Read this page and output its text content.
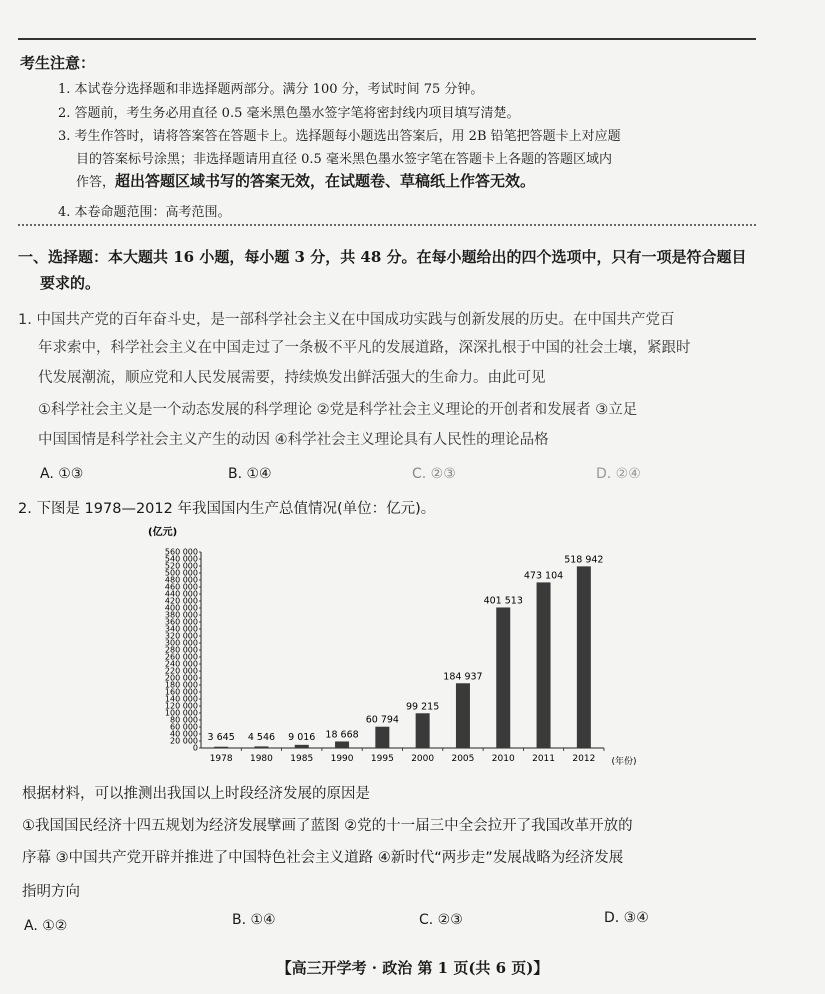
考生注意：
1. 本试卷分选择题和非选择题两部分。满分 100 分，考试时间 75 分钟。
2. 答题前，考生务必用直径 0.5 毫米黑色墨水签字笔将密封线内项目填写清楚。
3. 考生作答时，请将答案答在答题卡上。选择题每小题选出答案后，用 2B 铅笔把答题卡上对应题
目的答案标号涂黑；非选择题请用直径 0.5 毫米黑色墨水签字笔在答题卡上各题的答题区域内
作答，超出答题区域书写的答案无效，在试题卷、草稿纸上作答无效。
4. 本卷命题范围：高考范围。
一、选择题：本大题共 16 小题，每小题 3 分，共 48 分。在每小题给出的四个选项中，只有一项是符合题目
要求的。
1. 中国共产党的百年奋斗史，是一部科学社会主义在中国成功实践与创新发展的历史。在中国共产党百
年求索中，科学社会主义在中国走过了一条极不平凡的发展道路，深深扎根于中国的社会土壤，紧跟时
代发展潮流，顺应党和人民发展需要，持续焕发出鲜活强大的生命力。由此可见
①科学社会主义是一个动态发展的科学理论 ②党是科学社会主义理论的开创者和发展者 ③立足
中国国情是科学社会主义产生的动因 ④科学社会主义理论具有人民性的理论品格
A. ①③	B. ①④	C. ②③	D. ②④
2. 下图是 1978—2012 年我国国内生产总值情况(单位：亿元)。
(亿元)
0
20 000
40 000
60 000
80 000
100 000
120 000
140 000
160 000
180 000
200 000
220 000
240 000
260 000
280 000
300 000
320 000
340 000
360 000
380 000
400 000
420 000
440 000
460 000
480 000
500 000
520 000
540 000
560 000
3 645 4 546 9 016 18 668
60 794
99 215
184 937
401 513
473 104
518 942
1978 1980 1985 1990 1995 2000 2005 2010 2011 2012 (年份)
根据材料，可以推测出我国以上时段经济发展的原因是
①我国国民经济十四五规划为经济发展擘画了蓝图 ②党的十一届三中全会拉开了我国改革开放的
序幕 ③中国共产党开辟并推进了中国特色社会主义道路 ④新时代“两步走”发展战略为经济发展
指明方向
A. ①②	B. ①④	C. ②③	D. ③④
【高三开学考 · 政治 第 1 页(共 6 页)】
